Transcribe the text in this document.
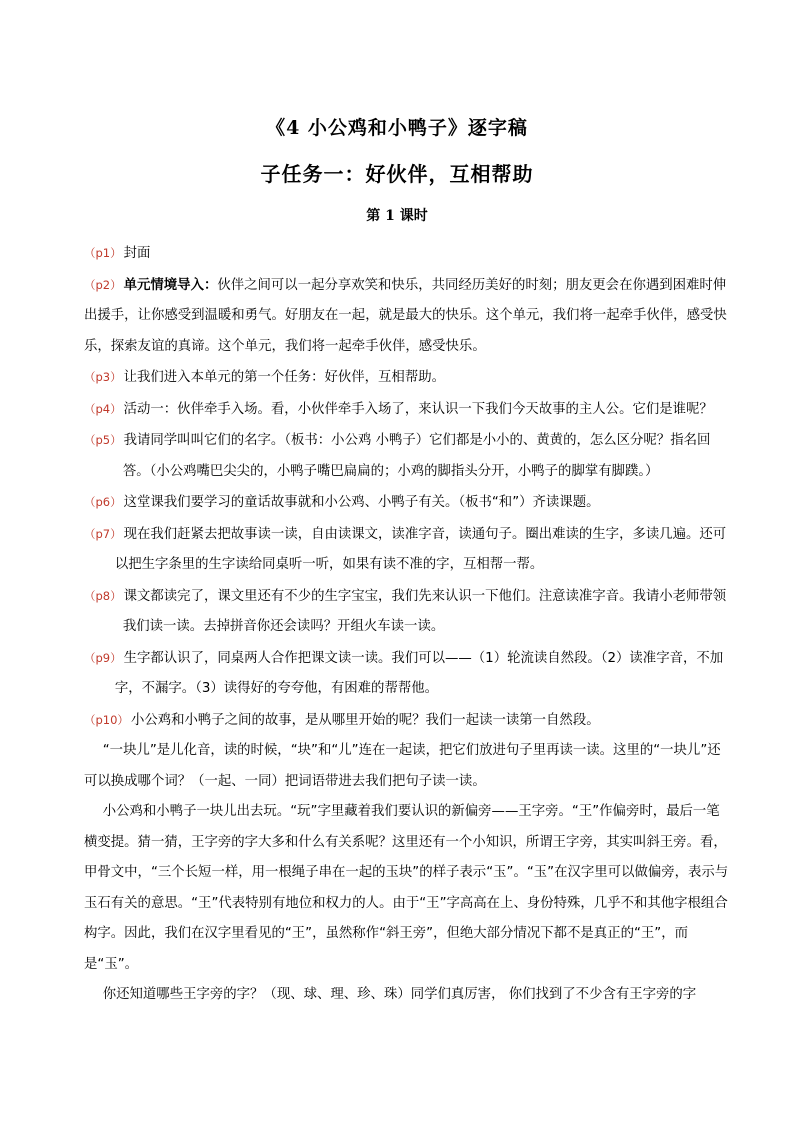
《4 小公鸡和小鸭子》逐字稿
子任务一：好伙伴，互相帮助
第 1 课时

（p1） 封面

（p2） 单元情境导入：伙伴之间可以一起分享欢笑和快乐，共同经历美好的时刻；朋友更会在你遇到困难时伸出援手，让你感受到温暖和勇气。好朋友在一起，就是最大的快乐。这个单元，我们将一起牵手伙伴，感受快乐，探索友谊的真谛。这个单元，我们将一起牵手伙伴，感受快乐。

（p3） 让我们进入本单元的第一个任务：好伙伴，互相帮助。

（p4） 活动一：伙伴牵手入场。看，小伙伴牵手入场了，来认识一下我们今天故事的主人公。它们是谁呢？

（p5） 我请同学叫叫它们的名字。（板书：小公鸡 小鸭子）它们都是小小的、黄黄的，怎么区分呢？指名回答。（小公鸡嘴巴尖尖的，小鸭子嘴巴扁扁的；小鸡的脚指头分开，小鸭子的脚掌有脚蹼。）

（p6） 这堂课我们要学习的童话故事就和小公鸡、小鸭子有关。（板书“和”）齐读课题。

（p7） 现在我们赶紧去把故事读一读，自由读课文，读准字音，读通句子。圈出难读的生字，多读几遍。还可以把生字条里的生字读给同桌听一听，如果有读不准的字，互相帮一帮。

（p8） 课文都读完了，课文里还有不少的生字宝宝，我们先来认识一下他们。注意读准字音。我请小老师带领我们读一读。去掉拼音你还会读吗？开组火车读一读。

（p9） 生字都认识了，同桌两人合作把课文读一读。我们可以——（1）轮流读自然段。（2）读准字音，不加字，不漏字。（3）读得好的夸夸他，有困难的帮帮他。

（p10） 小公鸡和小鸭子之间的故事，是从哪里开始的呢？我们一起读一读第一自然段。

“一块儿”是儿化音，读的时候，“块”和“儿”连在一起读，把它们放进句子里再读一读。这里的“一块儿”还可以换成哪个词？（一起、一同）把词语带进去我们把句子读一读。

小公鸡和小鸭子一块儿出去玩。“玩”字里藏着我们要认识的新偏旁——王字旁。“王”作偏旁时，最后一笔横变提。猜一猜，王字旁的字大多和什么有关系呢？这里还有一个小知识，所谓王字旁，其实叫斜王旁。看，甲骨文中，“三个长短一样，用一根绳子串在一起的玉块”的样子表示“玉”。“玉”在汉字里可以做偏旁，表示与玉石有关的意思。“王”代表特别有地位和权力的人。由于“王”字高高在上、身份特殊，几乎不和其他字根组合构字。因此，我们在汉字里看见的“王”，虽然称作“斜王旁”，但绝大部分情况下都不是真正的“王”，而是“玉”。

你还知道哪些王字旁的字？（现、球、理、珍、珠）同学们真厉害， 你们找到了不少含有王字旁的字
